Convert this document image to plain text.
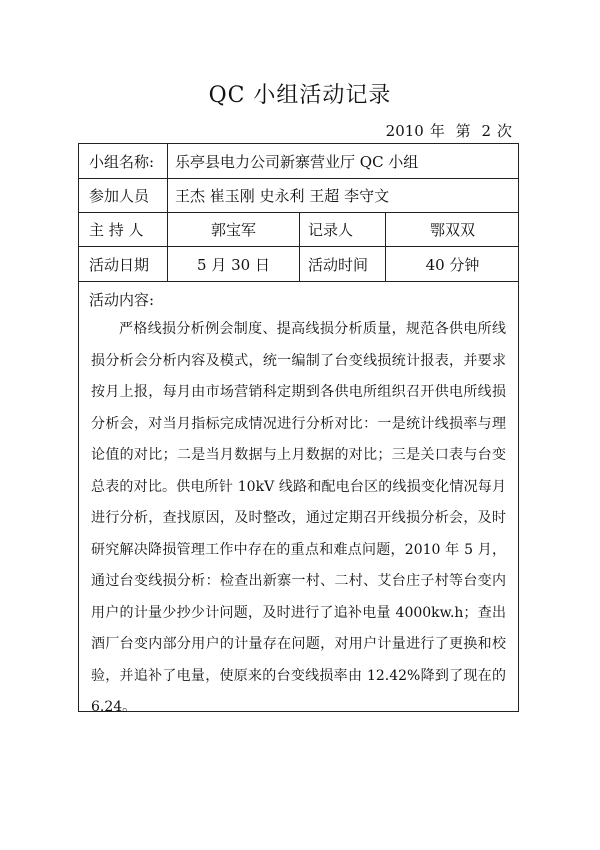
QC 小组活动记录
2010 年 第 2 次
小组名称:	乐亭县电力公司新寨营业厅 QC 小组
参加人员	王杰 崔玉刚 史永利 王超 李守文
主 持 人	郭宝军	记录人	鄂双双
活动日期	5 月 30 日	活动时间	40 分钟
活动内容:
严格线损分析例会制度、提高线损分析质量，规范各供电所线损分析会分析内容及模式，统一编制了台变线损统计报表，并要求按月上报，每月由市场营销科定期到各供电所组织召开供电所线损分析会，对当月指标完成情况进行分析对比：一是统计线损率与理论值的对比；二是当月数据与上月数据的对比；三是关口表与台变总表的对比。供电所针 10kV 线路和配电台区的线损变化情况每月进行分析，查找原因，及时整改，通过定期召开线损分析会，及时研究解决降损管理工作中存在的重点和难点问题，2010 年 5 月，通过台变线损分析：检查出新寨一村、二村、艾台庄子村等台变内用户的计量少抄少计问题，及时进行了追补电量 4000kw.h；查出酒厂台变内部分用户的计量存在问题，对用户计量进行了更换和校验，并追补了电量，使原来的台变线损率由 12.42%降到了现在的 6.24。
